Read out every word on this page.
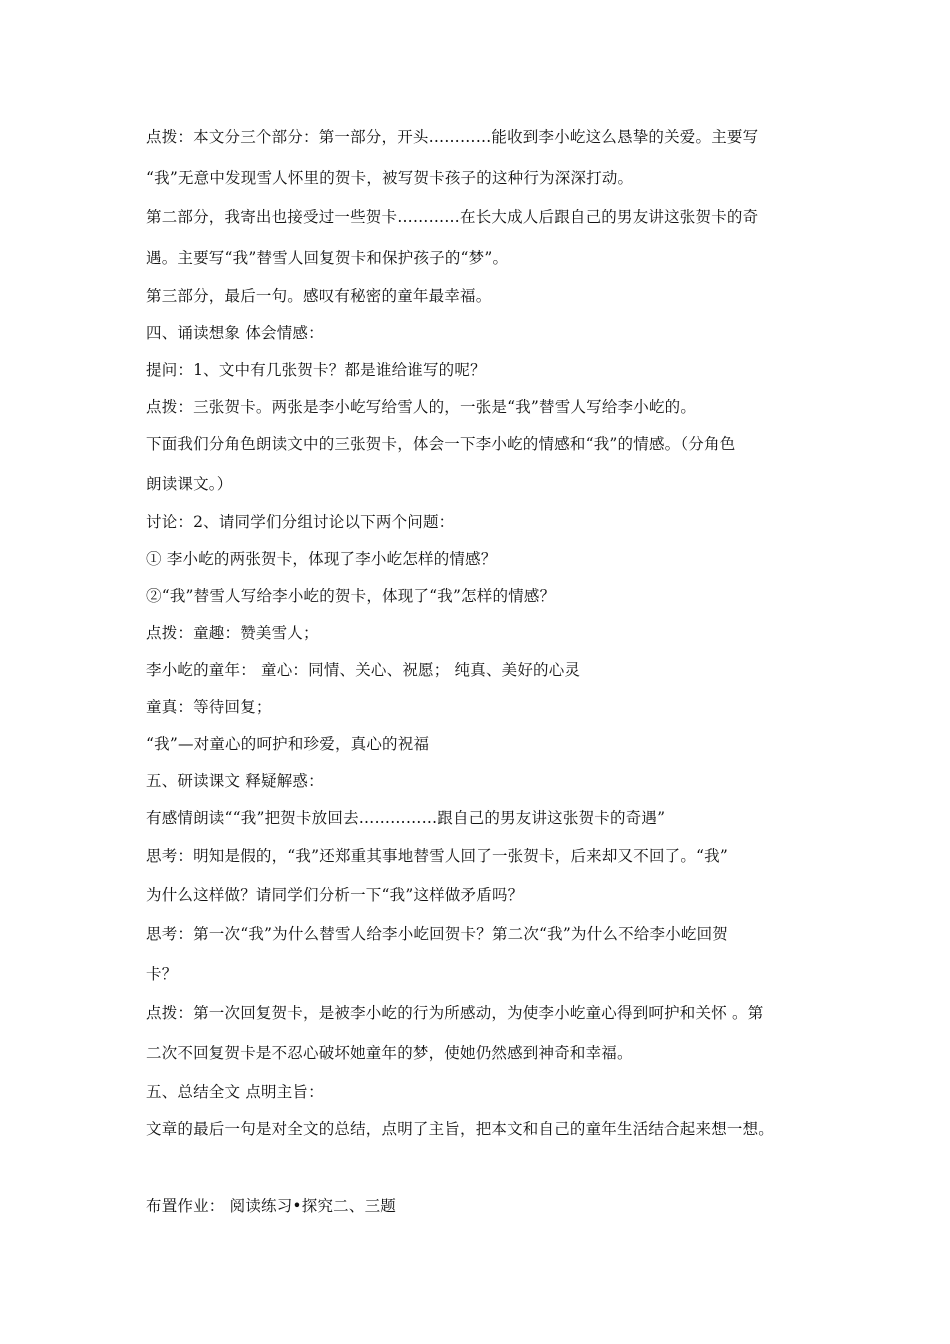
点拨：本文分三个部分：第一部分，开头…………能收到李小屹这么恳挚的关爱。主要写
“我”无意中发现雪人怀里的贺卡，被写贺卡孩子的这种行为深深打动。
第二部分，我寄出也接受过一些贺卡…………在长大成人后跟自己的男友讲这张贺卡的奇
遇。主要写“我”替雪人回复贺卡和保护孩子的“梦”。
第三部分，最后一句。感叹有秘密的童年最幸福。
四、诵读想象 体会情感：
提问：1、文中有几张贺卡？都是谁给谁写的呢？
点拨：三张贺卡。两张是李小屹写给雪人的，一张是“我”替雪人写给李小屹的。
下面我们分角色朗读文中的三张贺卡，体会一下李小屹的情感和“我”的情感。（分角色
朗读课文。）
讨论：2、请同学们分组讨论以下两个问题：
① 李小屹的两张贺卡，体现了李小屹怎样的情感？
②“我”替雪人写给李小屹的贺卡，体现了“我”怎样的情感？
点拨：童趣：赞美雪人；
李小屹的童年： 童心：同情、关心、祝愿； 纯真、美好的心灵
童真：等待回复；
“我”—对童心的呵护和珍爱，真心的祝福
五、研读课文 释疑解惑：
有感情朗读““我”把贺卡放回去……………跟自己的男友讲这张贺卡的奇遇”
思考：明知是假的，“我”还郑重其事地替雪人回了一张贺卡，后来却又不回了。“我”
为什么这样做？请同学们分析一下“我”这样做矛盾吗？
思考：第一次“我”为什么替雪人给李小屹回贺卡？第二次“我”为什么不给李小屹回贺
卡？
点拨：第一次回复贺卡，是被李小屹的行为所感动，为使李小屹童心得到呵护和关怀 。第
二次不回复贺卡是不忍心破坏她童年的梦，使她仍然感到神奇和幸福。
五、总结全文 点明主旨：
文章的最后一句是对全文的总结，点明了主旨，把本文和自己的童年生活结合起来想一想。
布置作业： 阅读练习•探究二、三题
